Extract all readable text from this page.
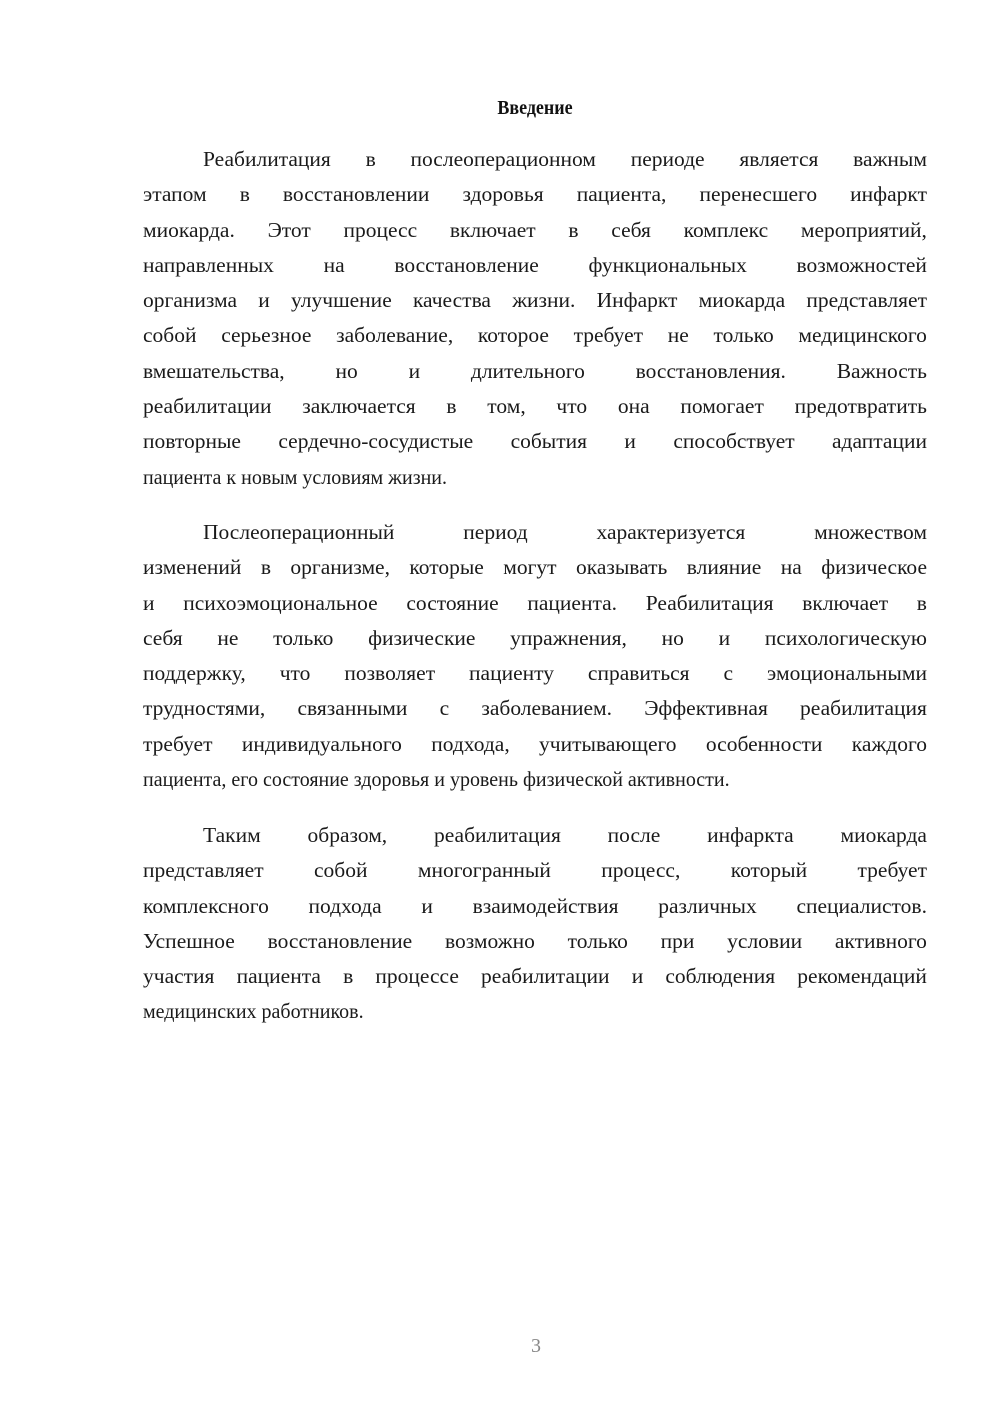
Введение
Реабилитация в послеоперационном периоде является важным
этапом в восстановлении здоровья пациента, перенесшего инфаркт
миокарда. Этот процесс включает в себя комплекс мероприятий,
направленных на восстановление функциональных возможностей
организма и улучшение качества жизни. Инфаркт миокарда представляет
собой серьезное заболевание, которое требует не только медицинского
вмешательства, но и длительного восстановления. Важность
реабилитации заключается в том, что она помогает предотвратить
повторные сердечно-сосудистые события и способствует адаптации
пациента к новым условиям жизни.
Послеоперационный	период	характеризуется	множеством
изменений в организме, которые могут оказывать влияние на физическое
и психоэмоциональное состояние пациента. Реабилитация включает в
себя не только физические упражнения, но и психологическую
поддержку, что позволяет пациенту справиться с эмоциональными
трудностями, связанными с заболеванием. Эффективная реабилитация
требует индивидуального подхода, учитывающего особенности каждого
пациента, его состояние здоровья и уровень физической активности.
Таким образом, реабилитация после инфаркта миокарда
представляет собой многогранный процесс, который требует
комплексного подхода и взаимодействия различных специалистов.
Успешное восстановление возможно только при условии активного
участия пациента в процессе реабилитации и соблюдения рекомендаций
медицинских работников.
3
